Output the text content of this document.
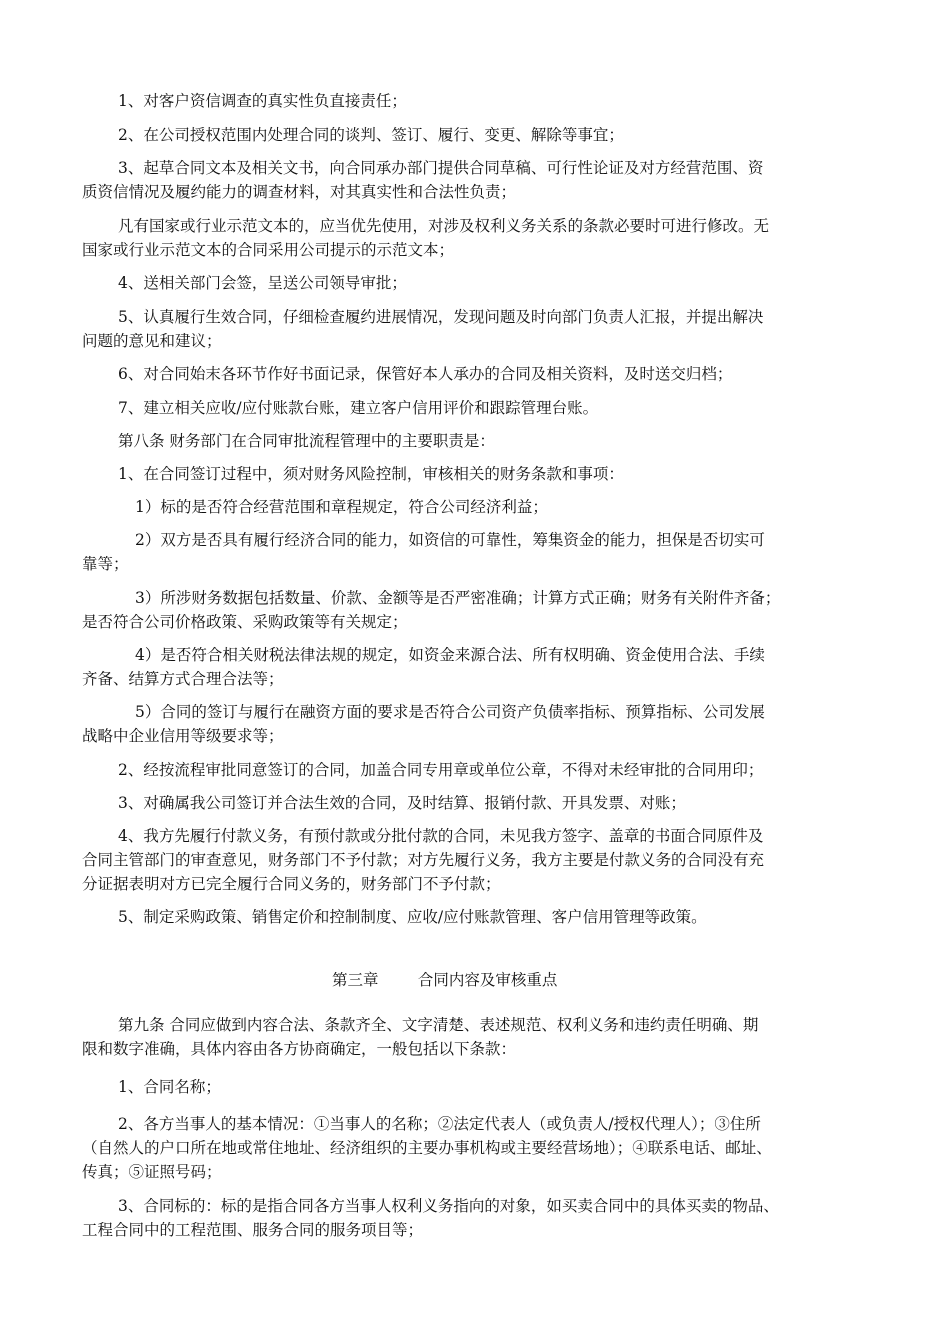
1、对客户资信调查的真实性负直接责任；

2、在公司授权范围内处理合同的谈判、签订、履行、变更、解除等事宜；

3、起草合同文本及相关文书，向合同承办部门提供合同草稿、可行性论证及对方经营范围、资

质资信情况及履约能力的调查材料，对其真实性和合法性负责；

凡有国家或行业示范文本的，应当优先使用，对涉及权利义务关系的条款必要时可进行修改。无

国家或行业示范文本的合同采用公司提示的示范文本；

4、送相关部门会签，呈送公司领导审批；

5、认真履行生效合同，仔细检查履约进展情况，发现问题及时向部门负责人汇报，并提出解决

问题的意见和建议；

6、对合同始末各环节作好书面记录，保管好本人承办的合同及相关资料，及时送交归档；

7、建立相关应收/应付账款台账，建立客户信用评价和跟踪管理台账。

第八条 财务部门在合同审批流程管理中的主要职责是：

1、在合同签订过程中，须对财务风险控制，审核相关的财务条款和事项：

1）标的是否符合经营范围和章程规定，符合公司经济利益；

2）双方是否具有履行经济合同的能力，如资信的可靠性，筹集资金的能力，担保是否切实可

靠等；

3）所涉财务数据包括数量、价款、金额等是否严密准确；计算方式正确；财务有关附件齐备；

是否符合公司价格政策、采购政策等有关规定；

4）是否符合相关财税法律法规的规定，如资金来源合法、所有权明确、资金使用合法、手续

齐备、结算方式合理合法等；

5）合同的签订与履行在融资方面的要求是否符合公司资产负债率指标、预算指标、公司发展

战略中企业信用等级要求等；

2、经按流程审批同意签订的合同，加盖合同专用章或单位公章，不得对未经审批的合同用印；

3、对确属我公司签订并合法生效的合同，及时结算、报销付款、开具发票、对账；

4、我方先履行付款义务，有预付款或分批付款的合同，未见我方签字、盖章的书面合同原件及

合同主管部门的审查意见，财务部门不予付款；对方先履行义务，我方主要是付款义务的合同没有充

分证据表明对方已完全履行合同义务的，财务部门不予付款；

5、制定采购政策、销售定价和控制制度、应收/应付账款管理、客户信用管理等政策。

第三章        合同内容及审核重点

第九条 合同应做到内容合法、条款齐全、文字清楚、表述规范、权利义务和违约责任明确、期

限和数字准确，具体内容由各方协商确定，一般包括以下条款：

1、合同名称；

2、各方当事人的基本情况：①当事人的名称；②法定代表人（或负责人/授权代理人）；③住所

（自然人的户口所在地或常住地址、经济组织的主要办事机构或主要经营场地）；④联系电话、邮址、

传真；⑤证照号码；

3、合同标的：标的是指合同各方当事人权利义务指向的对象，如买卖合同中的具体买卖的物品、

工程合同中的工程范围、服务合同的服务项目等；
